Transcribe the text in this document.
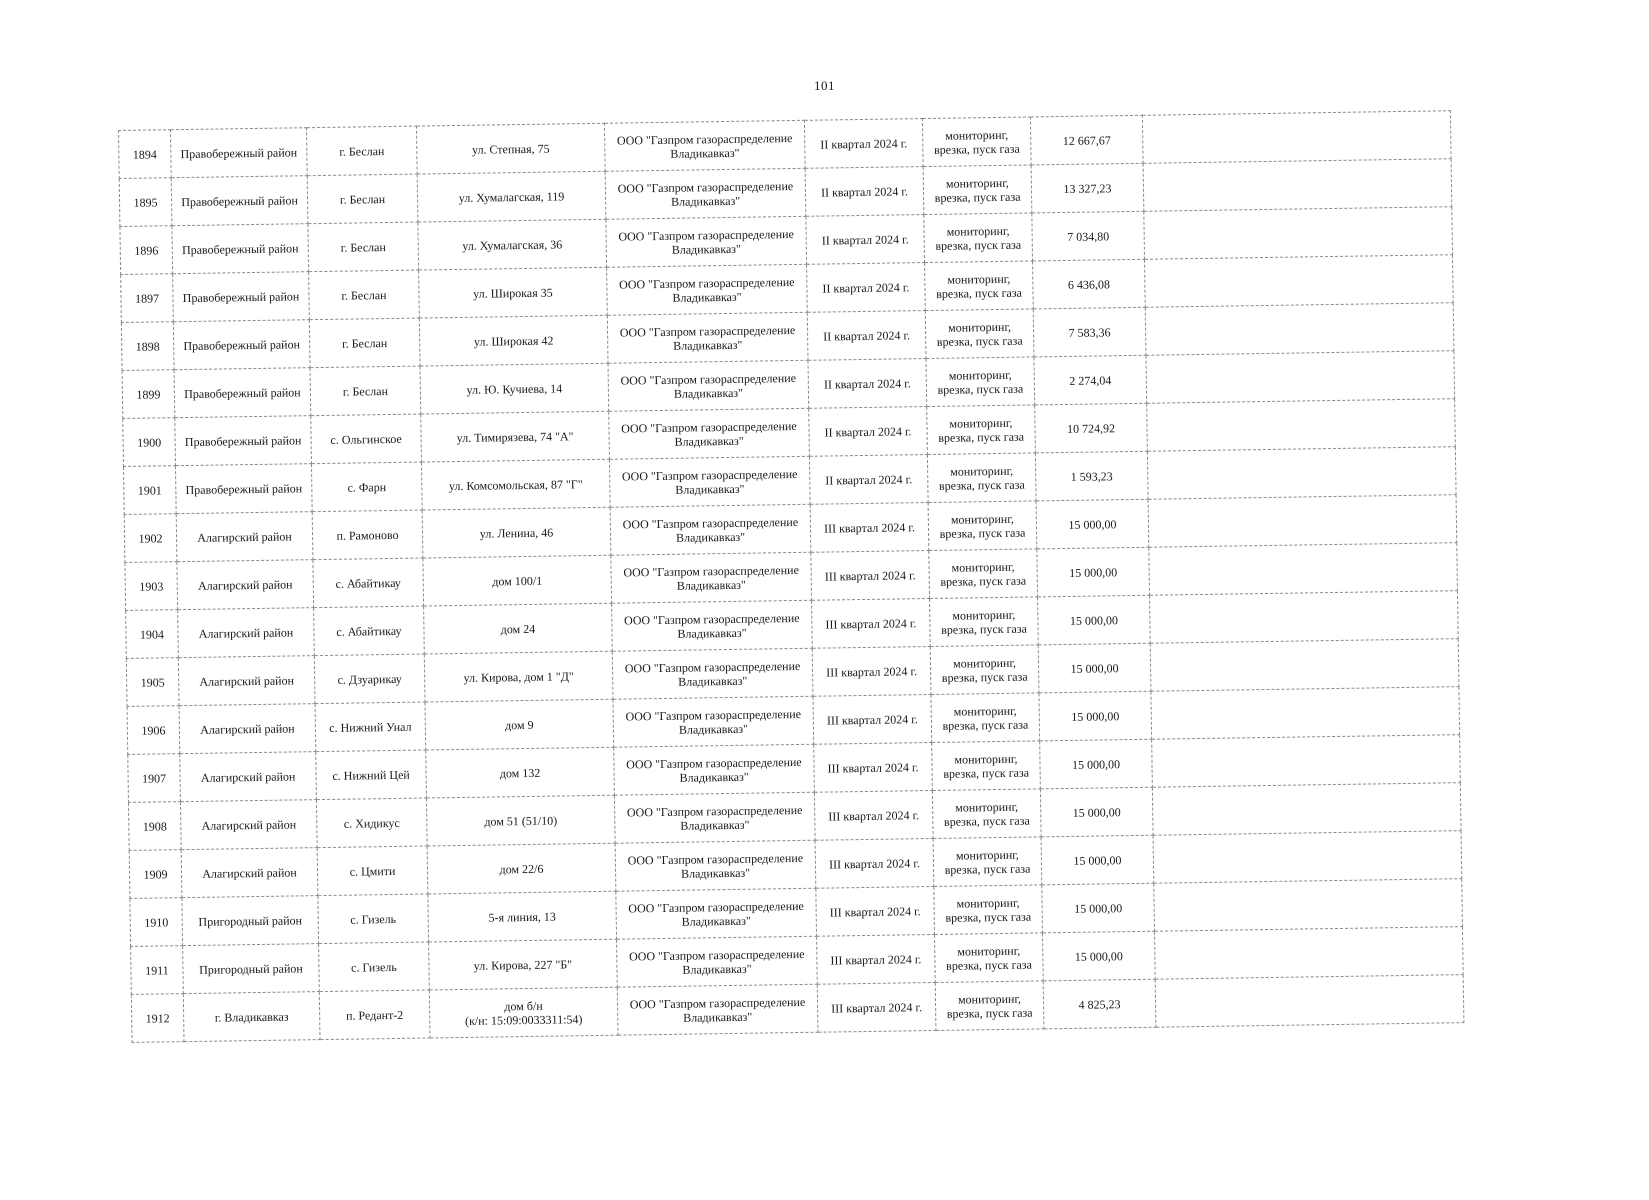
101
1894	Правобережный район	г. Беслан	ул. Степная, 75	ООО "Газпром газораспределение
Владикавказ"	II квартал 2024 г.	мониторинг,
врезка, пуск газа	12 667,67	
1895	Правобережный район	г. Беслан	ул. Хумалагская, 119	ООО "Газпром газораспределение
Владикавказ"	II квартал 2024 г.	мониторинг,
врезка, пуск газа	13 327,23	
1896	Правобережный район	г. Беслан	ул. Хумалагская, 36	ООО "Газпром газораспределение
Владикавказ"	II квартал 2024 г.	мониторинг,
врезка, пуск газа	7 034,80	
1897	Правобережный район	г. Беслан	ул. Широкая 35	ООО "Газпром газораспределение
Владикавказ"	II квартал 2024 г.	мониторинг,
врезка, пуск газа	6 436,08	
1898	Правобережный район	г. Беслан	ул. Широкая 42	ООО "Газпром газораспределение
Владикавказ"	II квартал 2024 г.	мониторинг,
врезка, пуск газа	7 583,36	
1899	Правобережный район	г. Беслан	ул. Ю. Кучиева, 14	ООО "Газпром газораспределение
Владикавказ"	II квартал 2024 г.	мониторинг,
врезка, пуск газа	2 274,04	
1900	Правобережный район	с. Ольгинское	ул. Тимирязева, 74 "А"	ООО "Газпром газораспределение
Владикавказ"	II квартал 2024 г.	мониторинг,
врезка, пуск газа	10 724,92	
1901	Правобережный район	с. Фарн	ул. Комсомольская, 87 "Г"	ООО "Газпром газораспределение
Владикавказ"	II квартал 2024 г.	мониторинг,
врезка, пуск газа	1 593,23	
1902	Алагирский район	п. Рамоново	ул. Ленина, 46	ООО "Газпром газораспределение
Владикавказ"	III квартал 2024 г.	мониторинг,
врезка, пуск газа	15 000,00	
1903	Алагирский район	с. Абайтикау	дом 100/1	ООО "Газпром газораспределение
Владикавказ"	III квартал 2024 г.	мониторинг,
врезка, пуск газа	15 000,00	
1904	Алагирский район	с. Абайтикау	дом 24	ООО "Газпром газораспределение
Владикавказ"	III квартал 2024 г.	мониторинг,
врезка, пуск газа	15 000,00	
1905	Алагирский район	с. Дзуарикау	ул. Кирова, дом 1 "Д"	ООО "Газпром газораспределение
Владикавказ"	III квартал 2024 г.	мониторинг,
врезка, пуск газа	15 000,00	
1906	Алагирский район	с. Нижний Унал	дом 9	ООО "Газпром газораспределение
Владикавказ"	III квартал 2024 г.	мониторинг,
врезка, пуск газа	15 000,00	
1907	Алагирский район	с. Нижний Цей	дом 132	ООО "Газпром газораспределение
Владикавказ"	III квартал 2024 г.	мониторинг,
врезка, пуск газа	15 000,00	
1908	Алагирский район	с. Хидикус	дом 51 (51/10)	ООО "Газпром газораспределение
Владикавказ"	III квартал 2024 г.	мониторинг,
врезка, пуск газа	15 000,00	
1909	Алагирский район	с. Цмити	дом 22/6	ООО "Газпром газораспределение
Владикавказ"	III квартал 2024 г.	мониторинг,
врезка, пуск газа	15 000,00	
1910	Пригородный район	с. Гизель	5-я линия, 13	ООО "Газпром газораспределение
Владикавказ"	III квартал 2024 г.	мониторинг,
врезка, пуск газа	15 000,00	
1911	Пригородный район	с. Гизель	ул. Кирова, 227 "Б"	ООО "Газпром газораспределение
Владикавказ"	III квартал 2024 г.	мониторинг,
врезка, пуск газа	15 000,00	
1912	г. Владикавказ	п. Редант-2	дом б/н
(к/н: 15:09:0033311:54)	ООО "Газпром газораспределение
Владикавказ"	III квартал 2024 г.	мониторинг,
врезка, пуск газа	4 825,23	
